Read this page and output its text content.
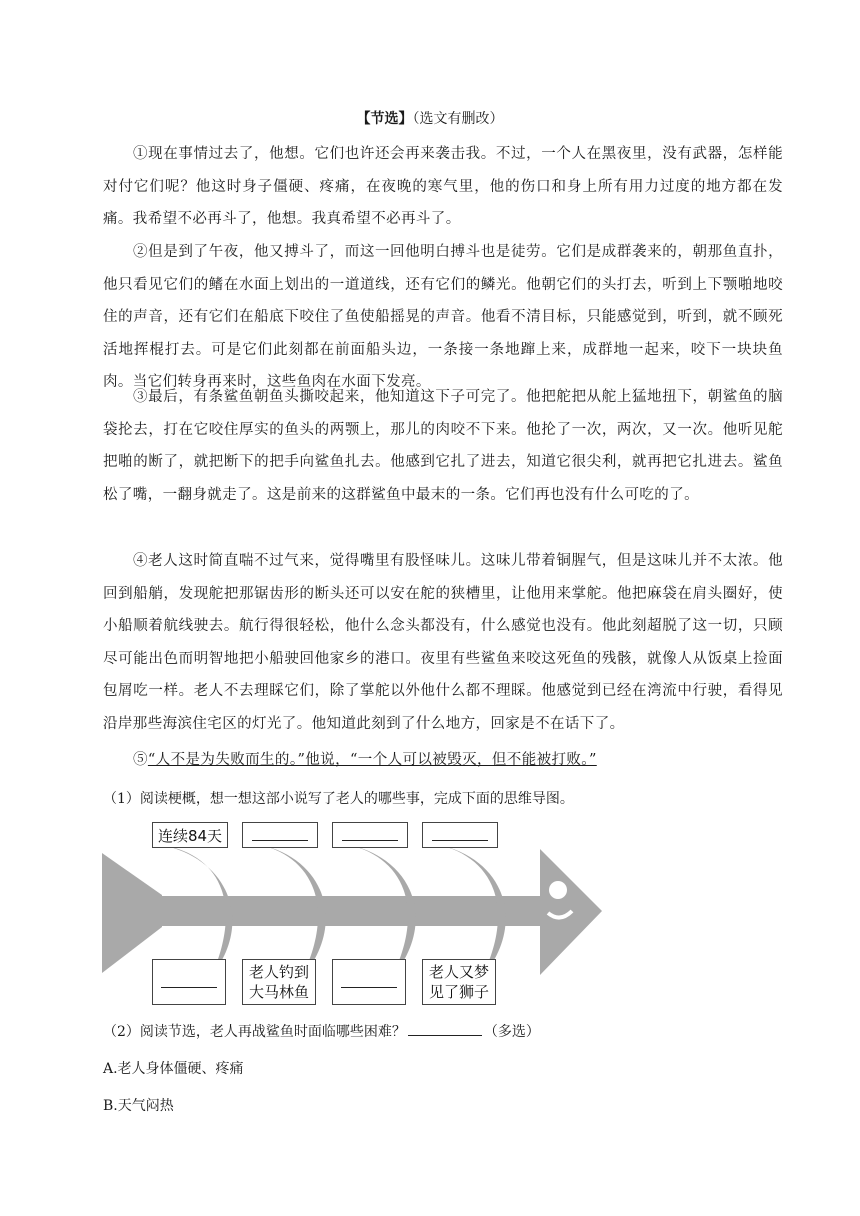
【节选】（选文有删改）
①现在事情过去了，他想。它们也许还会再来袭击我。不过，一个人在黑夜里，没有武器，怎样能对付它们呢？他这时身子僵硬、疼痛，在夜晚的寒气里，他的伤口和身上所有用力过度的地方都在发痛。我希望不必再斗了，他想。我真希望不必再斗了。
②但是到了午夜，他又搏斗了，而这一回他明白搏斗也是徒劳。它们是成群袭来的，朝那鱼直扑，他只看见它们的鳍在水面上划出的一道道线，还有它们的鳞光。他朝它们的头打去，听到上下颚啪地咬住的声音，还有它们在船底下咬住了鱼使船摇晃的声音。他看不清目标，只能感觉到，听到，就不顾死活地挥棍打去。可是它们此刻都在前面船头边，一条接一条地蹿上来，成群地一起来，咬下一块块鱼肉。当它们转身再来时，这些鱼肉在水面下发亮。
③最后，有条鲨鱼朝鱼头撕咬起来，他知道这下子可完了。他把舵把从舵上猛地扭下，朝鲨鱼的脑袋抡去，打在它咬住厚实的鱼头的两颚上，那儿的肉咬不下来。他抡了一次，两次，又一次。他听见舵把啪的断了，就把断下的把手向鲨鱼扎去。他感到它扎了进去，知道它很尖利，就再把它扎进去。鲨鱼松了嘴，一翻身就走了。这是前来的这群鲨鱼中最末的一条。它们再也没有什么可吃的了。
④老人这时简直喘不过气来，觉得嘴里有股怪味儿。这味儿带着铜腥气，但是这味儿并不太浓。他回到船艄，发现舵把那锯齿形的断头还可以安在舵的狭槽里，让他用来掌舵。他把麻袋在肩头圈好，使小船顺着航线驶去。航行得很轻松，他什么念头都没有，什么感觉也没有。他此刻超脱了这一切，只顾尽可能出色而明智地把小船驶回他家乡的港口。夜里有些鲨鱼来咬这死鱼的残骸，就像人从饭桌上捡面包屑吃一样。老人不去理睬它们，除了掌舵以外他什么都不理睬。他感觉到已经在湾流中行驶，看得见沿岸那些海滨住宅区的灯光了。他知道此刻到了什么地方，回家是不在话下了。
⑤“人不是为失败而生的。”他说，“一个人可以被毁灭，但不能被打败。”
（1）阅读梗概，想一想这部小说写了老人的哪些事，完成下面的思维导图。
连续84天
老人钓到
大马林鱼
老人又梦
见了狮子
（2）阅读节选，老人再战鲨鱼时面临哪些困难？	（多选）
A.老人身体僵硬、疼痛
B.天气闷热
